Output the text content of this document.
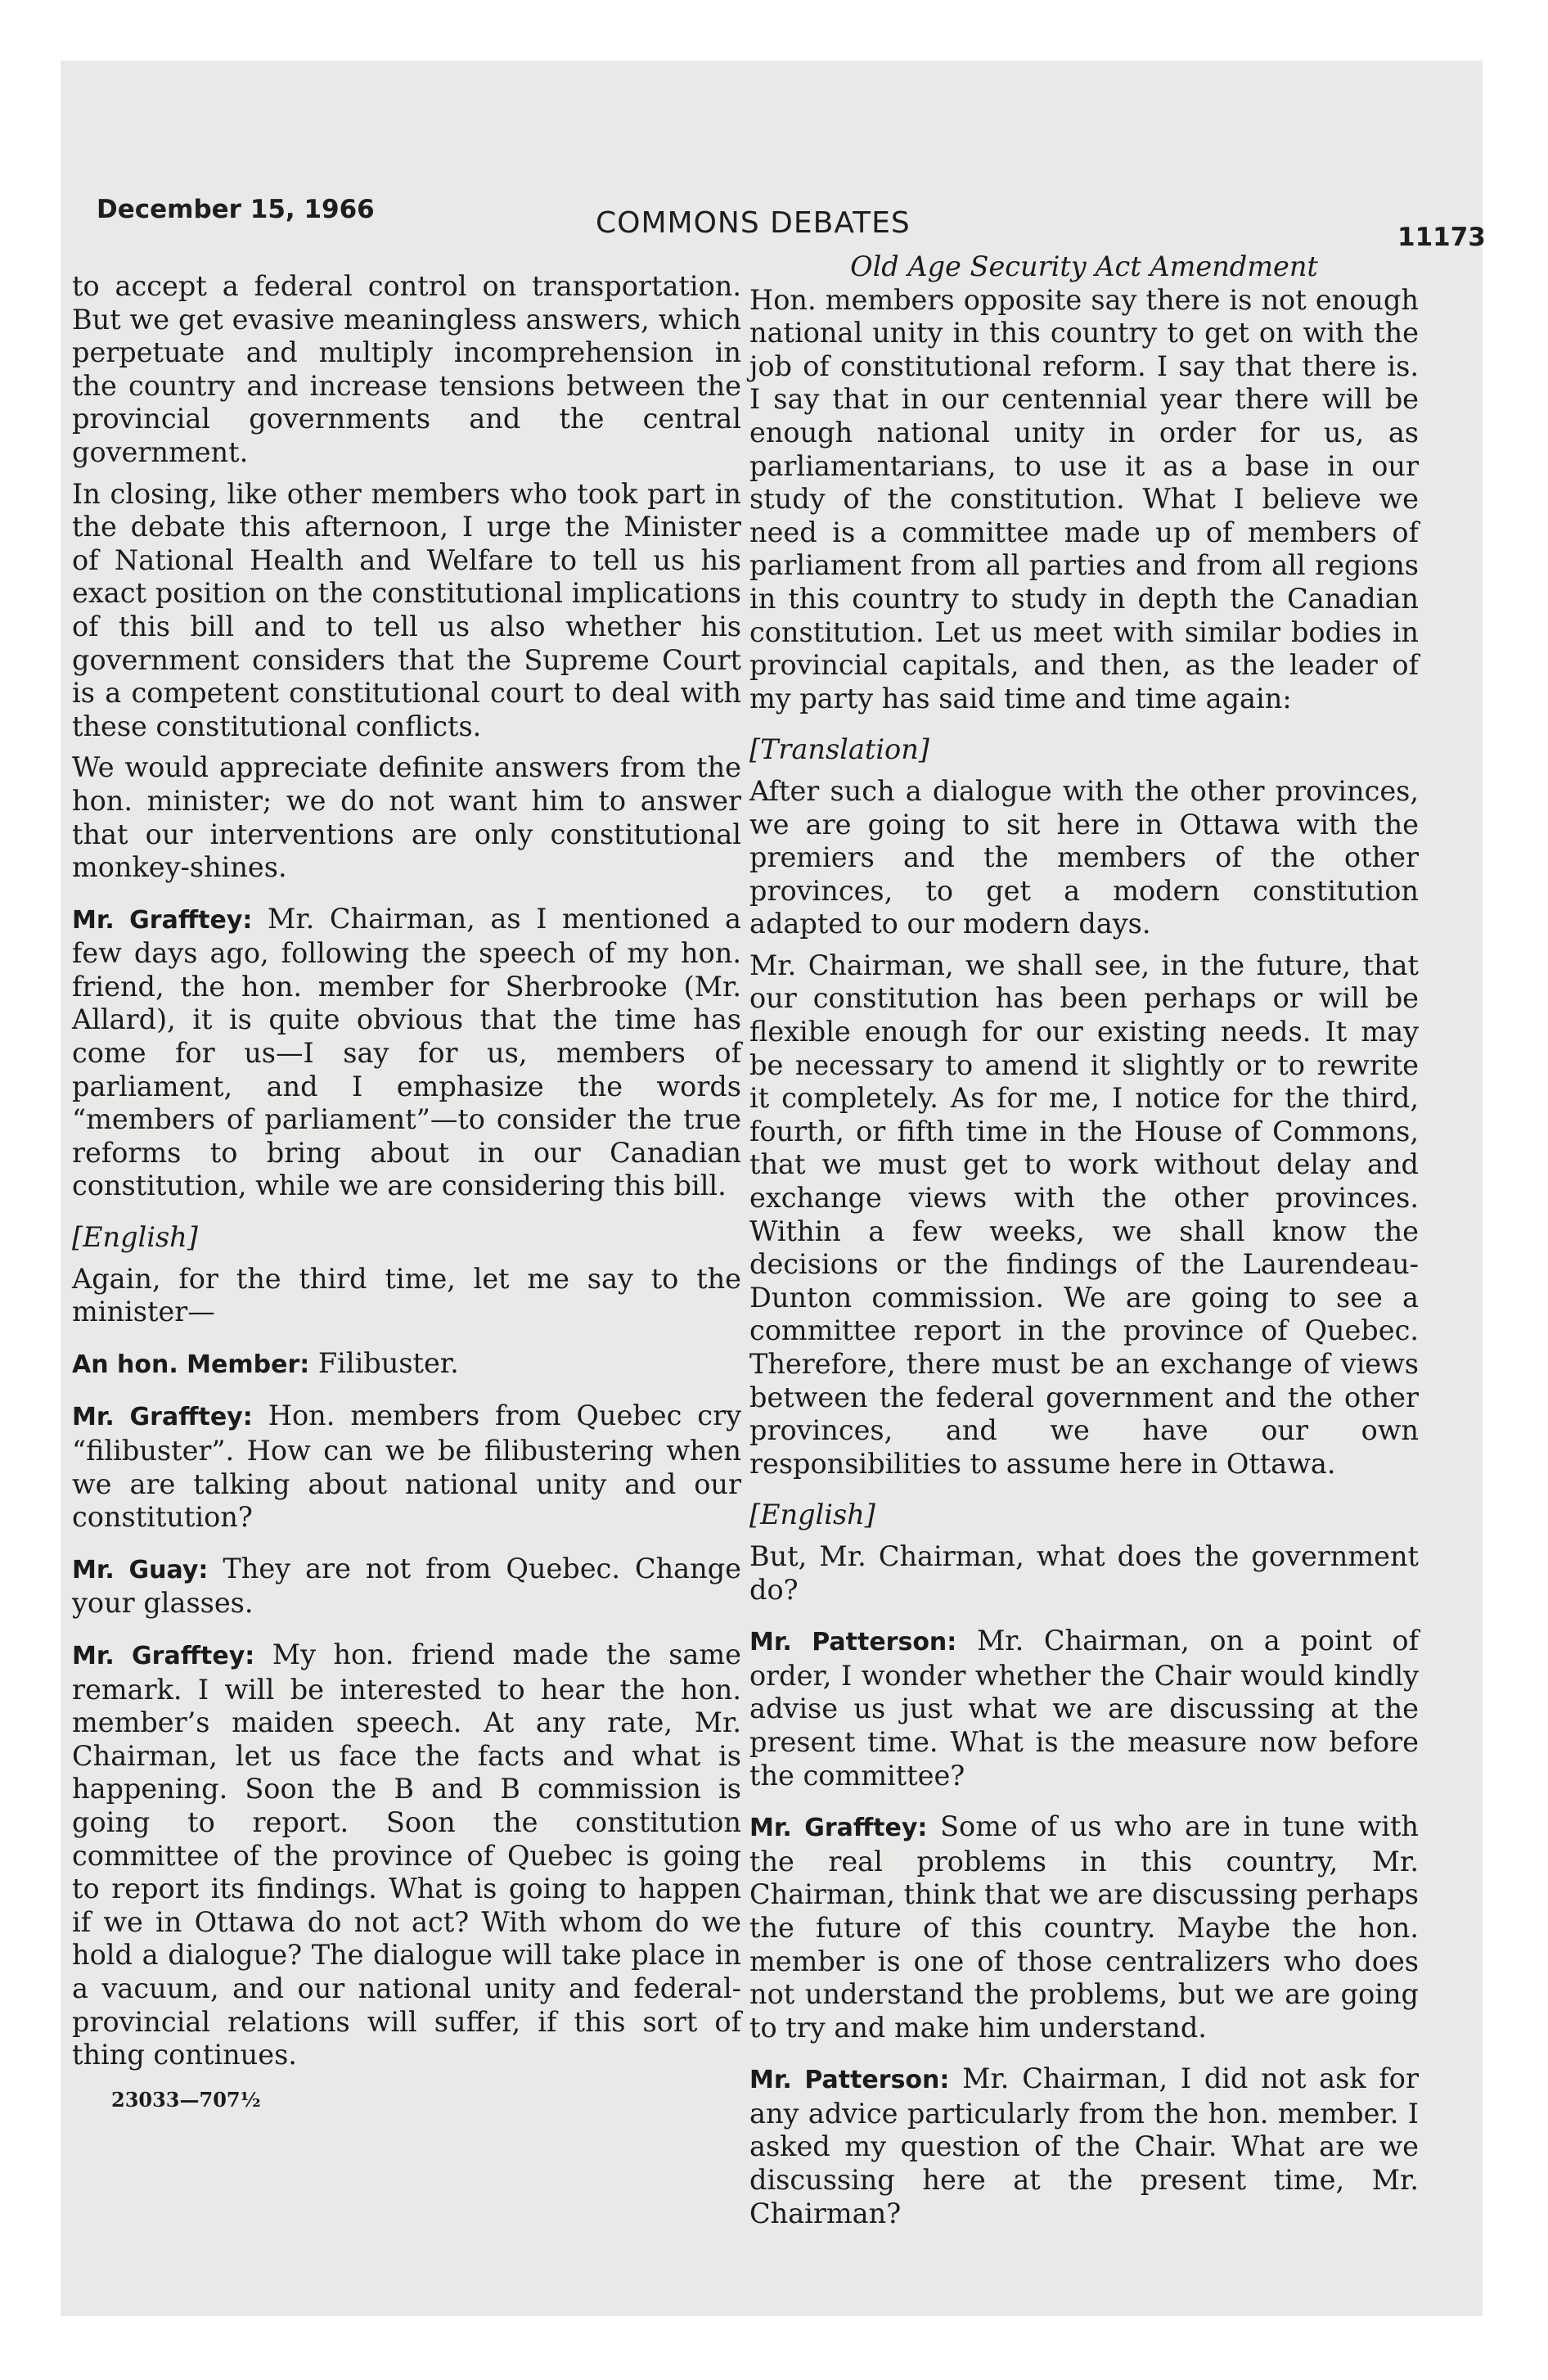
December 15, 1966	COMMONS DEBATES	11173

to accept a federal control on transportation. But we get evasive meaningless answers, which perpetuate and multiply incomprehension in the country and increase tensions between the provincial governments and the central government.

In closing, like other members who took part in the debate this afternoon, I urge the Minister of National Health and Welfare to tell us his exact position on the constitutional implications of this bill and to tell us also whether his government considers that the Supreme Court is a competent constitutional court to deal with these constitutional conflicts.

We would appreciate definite answers from the hon. minister; we do not want him to answer that our interventions are only constitutional monkey-shines.

Mr. Grafftey: Mr. Chairman, as I mentioned a few days ago, following the speech of my hon. friend, the hon. member for Sherbrooke (Mr. Allard), it is quite obvious that the time has come for us—I say for us, members of parliament, and I emphasize the words “members of parliament”—to consider the true reforms to bring about in our Canadian constitution, while we are considering this bill.

[English]

Again, for the third time, let me say to the minister—

An hon. Member: Filibuster.

Mr. Grafftey: Hon. members from Quebec cry “filibuster”. How can we be filibustering when we are talking about national unity and our constitution?

Mr. Guay: They are not from Quebec. Change your glasses.

Mr. Grafftey: My hon. friend made the same remark. I will be interested to hear the hon. member’s maiden speech. At any rate, Mr. Chairman, let us face the facts and what is happening. Soon the B and B commission is going to report. Soon the constitution committee of the province of Quebec is going to report its findings. What is going to happen if we in Ottawa do not act? With whom do we hold a dialogue? The dialogue will take place in a vacuum, and our national unity and federal-provincial relations will suffer, if this sort of thing continues.

23033—707½

Old Age Security Act Amendment

Hon. members opposite say there is not enough national unity in this country to get on with the job of constitutional reform. I say that there is. I say that in our centennial year there will be enough national unity in order for us, as parliamentarians, to use it as a base in our study of the constitution. What I believe we need is a committee made up of members of parliament from all parties and from all regions in this country to study in depth the Canadian constitution. Let us meet with similar bodies in provincial capitals, and then, as the leader of my party has said time and time again:

[Translation]

After such a dialogue with the other provinces, we are going to sit here in Ottawa with the premiers and the members of the other provinces, to get a modern constitution adapted to our modern days.

Mr. Chairman, we shall see, in the future, that our constitution has been perhaps or will be flexible enough for our existing needs. It may be necessary to amend it slightly or to rewrite it completely. As for me, I notice for the third, fourth, or fifth time in the House of Commons, that we must get to work without delay and exchange views with the other provinces. Within a few weeks, we shall know the decisions or the findings of the Laurendeau-Dunton commission. We are going to see a committee report in the province of Quebec. Therefore, there must be an exchange of views between the federal government and the other provinces, and we have our own responsibilities to assume here in Ottawa.

[English]

But, Mr. Chairman, what does the government do?

Mr. Patterson: Mr. Chairman, on a point of order, I wonder whether the Chair would kindly advise us just what we are discussing at the present time. What is the measure now before the committee?

Mr. Grafftey: Some of us who are in tune with the real problems in this country, Mr. Chairman, think that we are discussing perhaps the future of this country. Maybe the hon. member is one of those centralizers who does not understand the problems, but we are going to try and make him understand.

Mr. Patterson: Mr. Chairman, I did not ask for any advice particularly from the hon. member. I asked my question of the Chair. What are we discussing here at the present time, Mr. Chairman?
